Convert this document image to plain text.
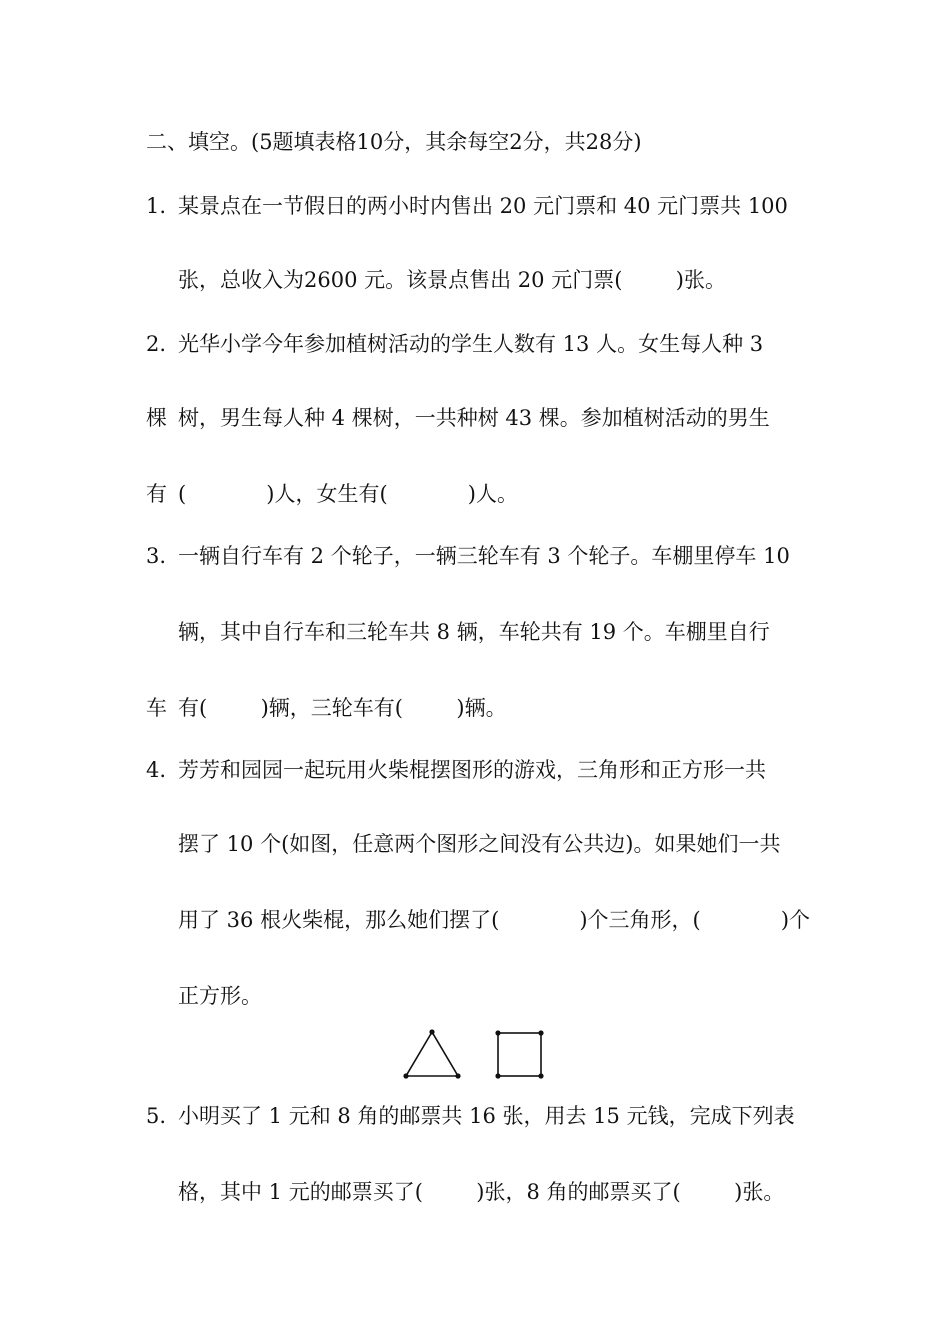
二、填空。(5题填表格10分，其余每空2分，共28分)
1. 某景点在一节假日的两小时内售出 20 元门票和 40 元门票共 100
张，总收入为2600 元。该景点售出 20 元门票(        )张。
2. 光华小学今年参加植树活动的学生人数有 13 人。女生每人种 3
棵 树，男生每人种 4 棵树，一共种树 43 棵。参加植树活动的男生
有 (            )人，女生有(            )人。
3. 一辆自行车有 2 个轮子，一辆三轮车有 3 个轮子。车棚里停车 10
辆，其中自行车和三轮车共 8 辆，车轮共有 19 个。车棚里自行
车 有(        )辆，三轮车有(        )辆。
4. 芳芳和园园一起玩用火柴棍摆图形的游戏，三角形和正方形一共
摆了 10 个(如图，任意两个图形之间没有公共边)。如果她们一共
用了 36 根火柴棍，那么她们摆了(            )个三角形，(            )个
正方形。
5. 小明买了 1 元和 8 角的邮票共 16 张，用去 15 元钱，完成下列表
格，其中 1 元的邮票买了(        )张，8 角的邮票买了(        )张。
